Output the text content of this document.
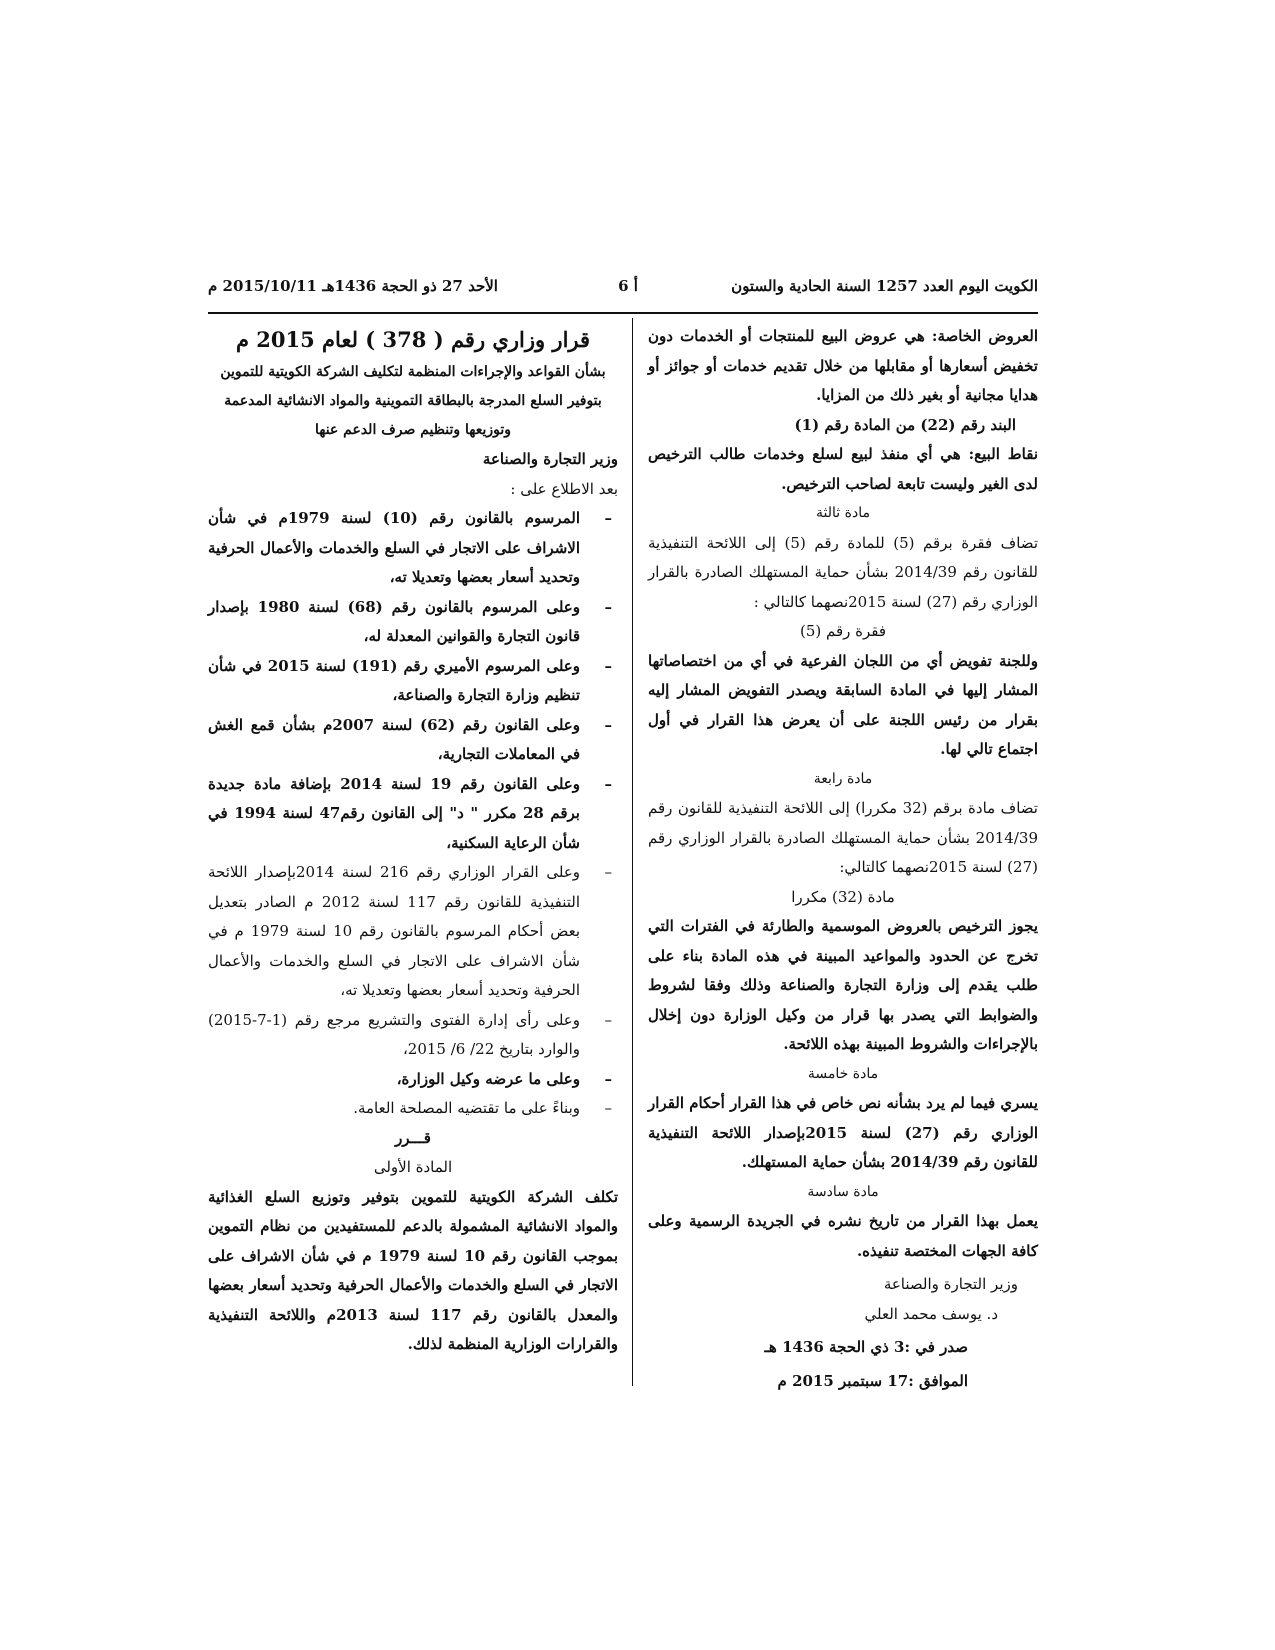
الكويت اليوم العدد 1257 السنة الحادية والستون
أ 6
الأحد 27 ذو الحجة 1436هـ 2015/10/11 م

العروض الخاصة: هي عروض البيع للمنتجات أو الخدمات دون تخفيض أسعارها أو مقابلها من خلال تقديم خدمات أو جوائز أو هدايا مجانية أو بغير ذلك من المزايا.

البند رقم (22) من المادة رقم (1)

نقاط البيع: هي أي منفذ لبيع لسلع وخدمات طالب الترخيص لدى الغير وليست تابعة لصاحب الترخيص.

مادة ثالثة

تضاف فقرة برقم (5) للمادة رقم (5) إلى اللائحة التنفيذية للقانون رقم 2014/39 بشأن حماية المستهلك الصادرة بالقرار الوزاري رقم (27) لسنة 2015نصهما كالتالي :

فقرة رقم (5)

وللجنة تفويض أي من اللجان الفرعية في أي من اختصاصاتها المشار إليها في المادة السابقة ويصدر التفويض المشار إليه بقرار من رئيس اللجنة على أن يعرض هذا القرار في أول اجتماع تالي لها.

مادة رابعة

تضاف مادة برقم (32 مكررا) إلى اللائحة التنفيذية للقانون رقم 2014/39 بشأن حماية المستهلك الصادرة بالقرار الوزاري رقم (27) لسنة 2015نصهما كالتالي:

مادة (32) مكررا

يجوز الترخيص بالعروض الموسمية والطارئة في الفترات التي تخرج عن الحدود والمواعيد المبينة في هذه المادة بناء على طلب يقدم إلى وزارة التجارة والصناعة وذلك وفقا لشروط والضوابط التي يصدر بها قرار من وكيل الوزارة دون إخلال بالإجراءات والشروط المبينة بهذه اللائحة.

مادة خامسة

يسري فيما لم يرد بشأنه نص خاص في هذا القرار أحكام القرار الوزاري رقم (27) لسنة 2015بإصدار اللائحة التنفيذية للقانون رقم 2014/39 بشأن حماية المستهلك.

مادة سادسة

يعمل بهذا القرار من تاريخ نشره في الجريدة الرسمية وعلى كافة الجهات المختصة تنفيذه.

وزير التجارة والصناعة

د. يوسف محمد العلي

صدر في :3 ذي الحجة 1436 هـ

الموافق :17 سبتمبر 2015 م

قرار وزاري رقم ( 378 ) لعام 2015 م

بشأن القواعد والإجراءات المنظمة لتكليف الشركة الكويتية للتموين بتوفير السلع المدرجة بالبطاقة التموينية والمواد الانشائية المدعمة وتوزيعها وتنظيم صرف الدعم عنها

وزير التجارة والصناعة

بعد الاطلاع على :

– المرسوم بالقانون رقم (10) لسنة 1979م في شأن الاشراف على الاتجار في السلع والخدمات والأعمال الحرفية وتحديد أسعار بعضها وتعديلا ته،
– وعلى المرسوم بالقانون رقم (68) لسنة 1980 بإصدار قانون التجارة والقوانين المعدلة له،
– وعلى المرسوم الأميري رقم (191) لسنة 2015 في شأن تنظيم وزارة التجارة والصناعة،
– وعلى القانون رقم (62) لسنة 2007م بشأن قمع الغش في المعاملات التجارية،
– وعلى القانون رقم 19 لسنة 2014 بإضافة مادة جديدة برقم 28 مكرر " د" إلى القانون رقم47 لسنة 1994 في شأن الرعاية السكنية،
– وعلى القرار الوزاري رقم 216 لسنة 2014بإصدار اللائحة التنفيذية للقانون رقم 117 لسنة 2012 م الصادر بتعديل بعض أحكام المرسوم بالقانون رقم 10 لسنة 1979 م في شأن الاشراف على الاتجار في السلع والخدمات والأعمال الحرفية وتحديد أسعار بعضها وتعديلا ته،
– وعلى رأى إدارة الفتوى والتشريع مرجع رقم (1-7-2015) والوارد بتاريخ 22/ 6/ 2015،
– وعلى ما عرضه وكيل الوزارة،
– وبناءً على ما تقتضيه المصلحة العامة.

قـــرر

المادة الأولى

تكلف الشركة الكويتية للتموين بتوفير وتوزيع السلع الغذائية والمواد الانشائية المشمولة بالدعم للمستفيدين من نظام التموين بموجب القانون رقم 10 لسنة 1979 م في شأن الاشراف على الاتجار في السلع والخدمات والأعمال الحرفية وتحديد أسعار بعضها والمعدل بالقانون رقم 117 لسنة 2013م واللائحة التنفيذية والقرارات الوزارية المنظمة لذلك.
